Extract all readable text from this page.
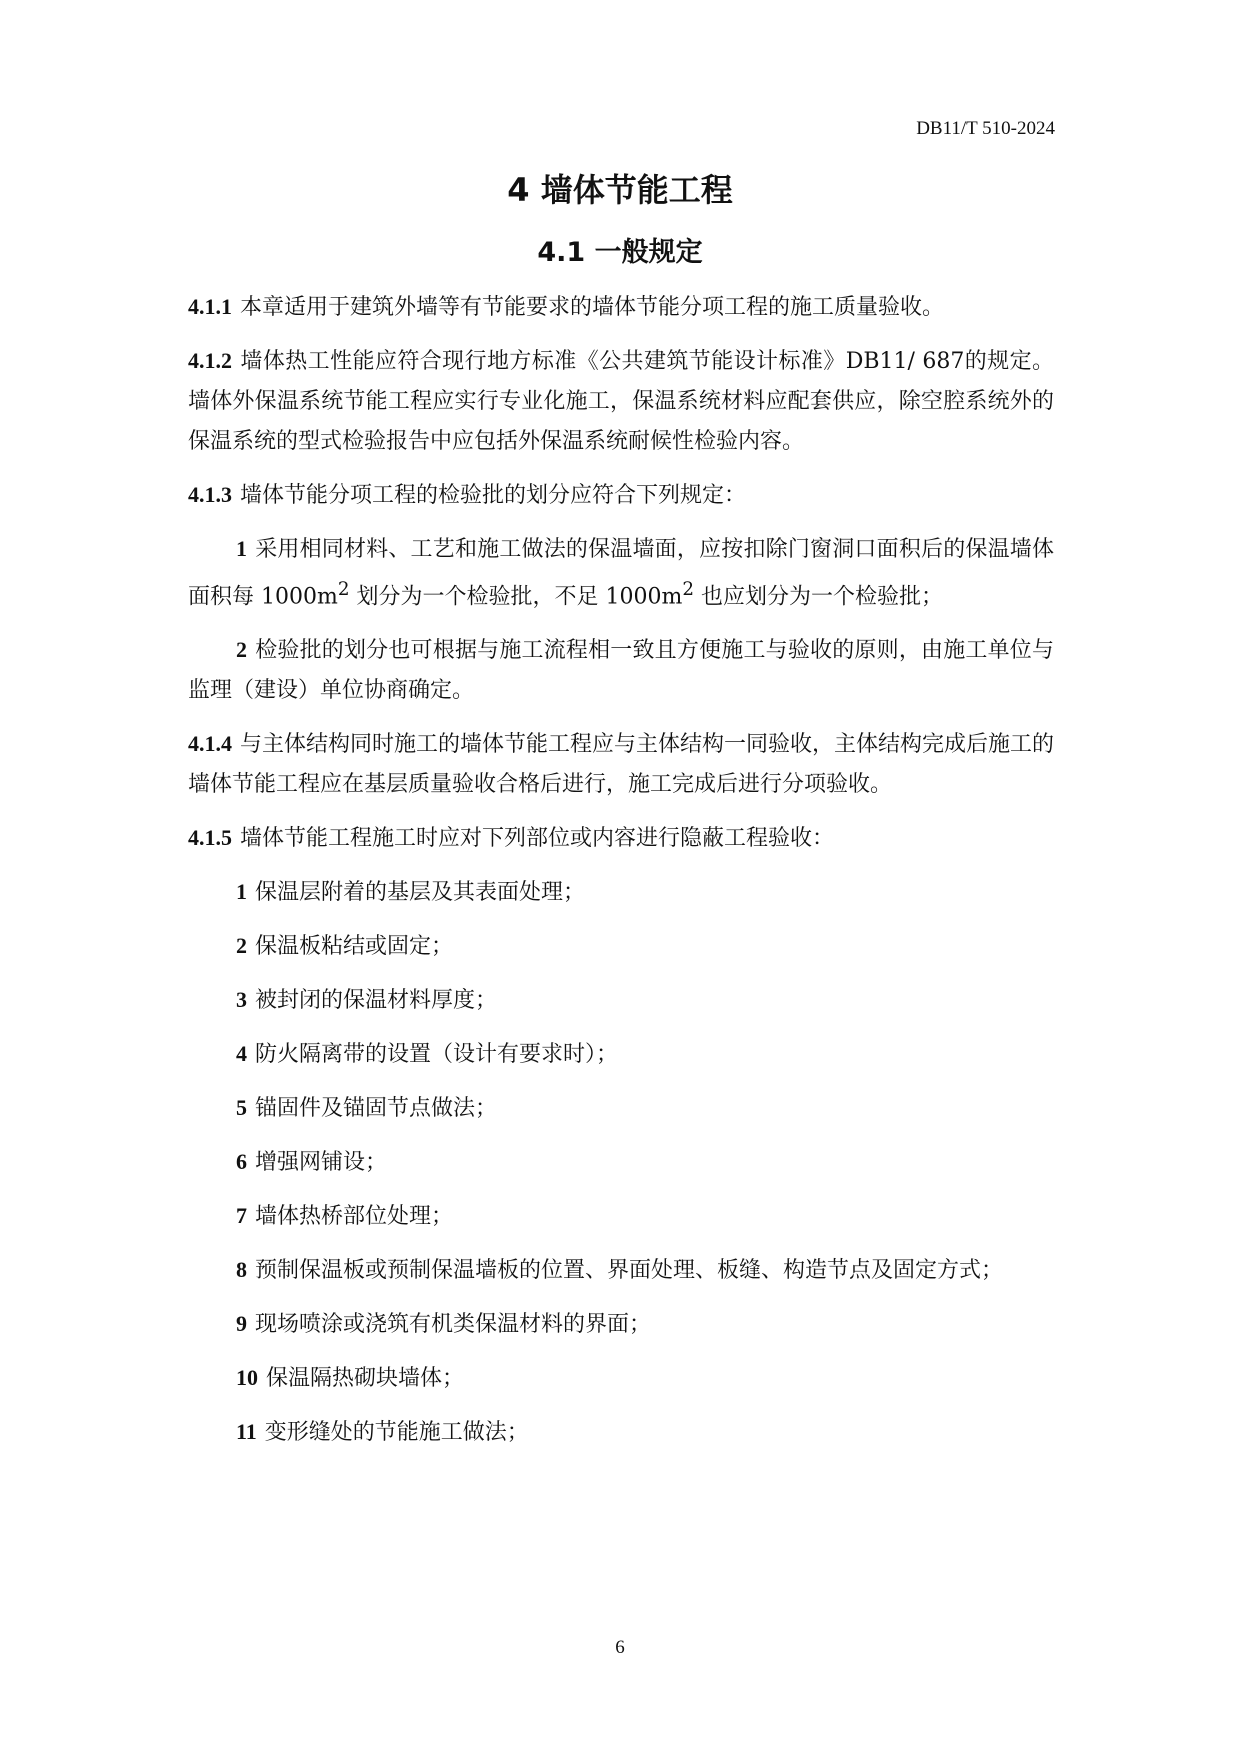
DB11/T 510-2024
4 墙体节能工程
4.1 一般规定

4.1.1 本章适用于建筑外墙等有节能要求的墙体节能分项工程的施工质量验收。

4.1.2 墙体热工性能应符合现行地方标准《公共建筑节能设计标准》DB11/ 687的规定。墙体外保温系统节能工程应实行专业化施工，保温系统材料应配套供应，除空腔系统外的保温系统的型式检验报告中应包括外保温系统耐候性检验内容。

4.1.3 墙体节能分项工程的检验批的划分应符合下列规定：

1 采用相同材料、工艺和施工做法的保温墙面，应按扣除门窗洞口面积后的保温墙体面积每 $1000m^2$ 划分为一个检验批，不足 $1000m^2$ 也应划分为一个检验批；

2 检验批的划分也可根据与施工流程相一致且方便施工与验收的原则，由施工单位与监理（建设）单位协商确定。

4.1.4 与主体结构同时施工的墙体节能工程应与主体结构一同验收，主体结构完成后施工的墙体节能工程应在基层质量验收合格后进行，施工完成后进行分项验收。

4.1.5 墙体节能工程施工时应对下列部位或内容进行隐蔽工程验收：

1 保温层附着的基层及其表面处理；

2 保温板粘结或固定；

3 被封闭的保温材料厚度；

4 防火隔离带的设置（设计有要求时）；

5 锚固件及锚固节点做法；

6 增强网铺设；

7 墙体热桥部位处理；

8 预制保温板或预制保温墙板的位置、界面处理、板缝、构造节点及固定方式；

9 现场喷涂或浇筑有机类保温材料的界面；

10 保温隔热砌块墙体；

11 变形缝处的节能施工做法；

6
